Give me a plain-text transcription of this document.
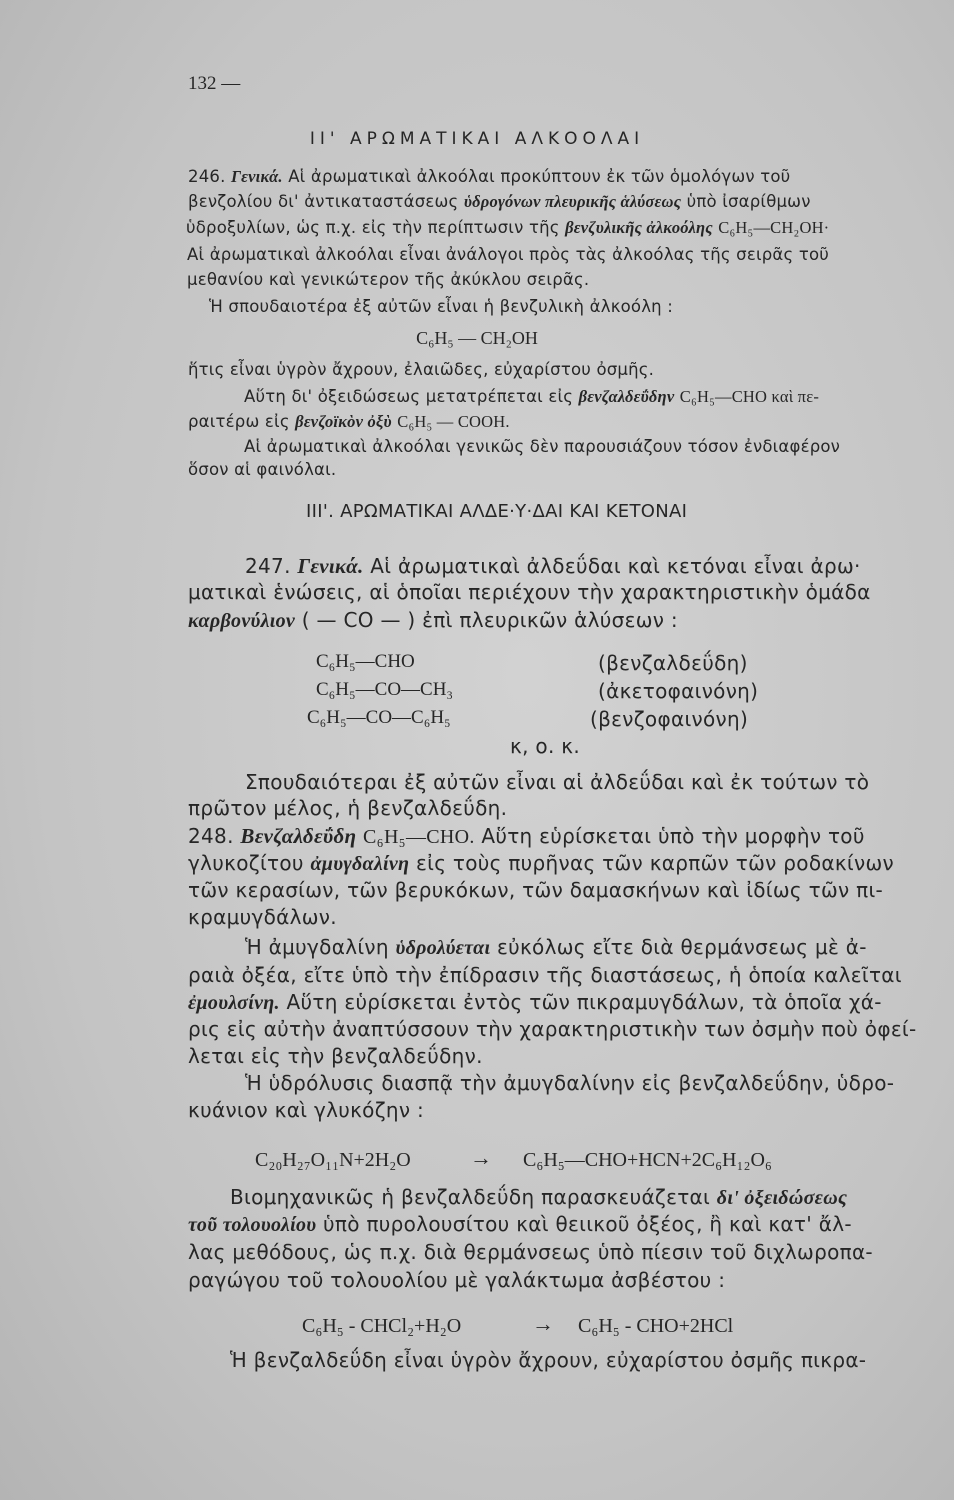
132 —
II' ΑΡΩΜΑΤΙΚΑΙ ΑΛΚΟΟΛΑΙ
246. Γενικά. Αἱ ἀρωματικαὶ ἀλκοόλαι προκύπτουν ἐκ τῶν ὁμολόγων τοῦ
βενζολίου δι' ἀντικαταστάσεως ὑδρογόνων πλευρικῆς ἁλύσεως ὑπὸ ἰσαρίθμων
ὑδροξυλίων, ὡς π.χ. εἰς τὴν περίπτωσιν τῆς βενζυλικῆς ἀλκοόλης C₆H₅—CH₂OH·
Αἱ ἀρωματικαὶ ἀλκοόλαι εἶναι ἀνάλογοι πρὸς τὰς ἀλκοόλας τῆς σειρᾶς τοῦ
μεθανίου καὶ γενικώτερον τῆς ἀκύκλου σειρᾶς.
Ἡ σπουδαιοτέρα ἐξ αὐτῶν εἶναι ἡ βενζυλικὴ ἀλκοόλη :
C₆H₅ — CH₂OH
ἥτις εἶναι ὑγρὸν ἄχρουν, ἐλαιῶδες, εὐχαρίστου ὀσμῆς.
Αὕτη δι' ὀξειδώσεως μετατρέπεται εἰς βενζαλδεΰδην C₆H₅—CHO καὶ πε-
ραιτέρω εἰς βενζοϊκὸν ὀξὺ C₆H₅ — COOH.
Αἱ ἀρωματικαὶ ἀλκοόλαι γενικῶς δὲν παρουσιάζουν τόσον ἐνδιαφέρον
ὅσον αἱ φαινόλαι.
III'. ΑΡΩΜΑΤΙΚΑΙ ΑΛΔΕ·Υ·ΔΑΙ ΚΑΙ ΚΕΤΟΝΑΙ
247. Γενικά. Αἱ ἀρωματικαὶ ἀλδεΰδαι καὶ κετόναι εἶναι ἀρω·
ματικαὶ ἑνώσεις, αἱ ὁποῖαι περιέχουν τὴν χαρακτηριστικὴν ὁμάδα
καρβονύλιον ( — CO — ) ἐπὶ πλευρικῶν ἁλύσεων :
C₆H₅—CHO	(βενζαλδεΰδη)
C₆H₅—CO—CH₃	(ἀκετοφαινόνη)
C₆H₅—CO—C₆H₅	(βενζοφαινόνη)
κ, ο. κ.
Σπουδαιότεραι ἐξ αὐτῶν εἶναι αἱ ἀλδεΰδαι καὶ ἐκ τούτων τὸ
πρῶτον μέλος, ἡ βενζαλδεΰδη.
248. Βενζαλδεΰδη C₆H₅—CHO. Αὕτη εὑρίσκεται ὑπὸ τὴν μορφὴν τοῦ
γλυκοζίτου ἀμυγδαλίνη εἰς τοὺς πυρῆνας τῶν καρπῶν τῶν ροδακίνων
τῶν κερασίων, τῶν βερυκόκων, τῶν δαμασκήνων καὶ ἰδίως τῶν πι-
κραμυγδάλων.
Ἡ ἀμυγδαλίνη ὑδρολύεται εὐκόλως εἴτε διὰ θερμάνσεως μὲ ἀ-
ραιὰ ὀξέα, εἴτε ὑπὸ τὴν ἐπίδρασιν τῆς διαστάσεως, ἡ ὁποία καλεῖται
ἐμουλσίνη. Αὕτη εὑρίσκεται ἐντὸς τῶν πικραμυγδάλων, τὰ ὁποῖα χά-
ρις εἰς αὐτὴν ἀναπτύσσουν τὴν χαρακτηριστικὴν των ὀσμὴν ποὺ ὀφεί-
λεται εἰς τὴν βενζαλδεΰδην.
Ἡ ὑδρόλυσις διασπᾷ τὴν ἀμυγδαλίνην εἰς βενζαλδεΰδην, ὑδρο-
κυάνιον καὶ γλυκόζην :
C₂₀H₂₇O₁₁N+2H₂O	→ C₆H₅—CHO+HCN+2C₆H₁₂O₆
Βιομηχανικῶς ἡ βενζαλδεΰδη παρασκευάζεται δι' ὀξειδώσεως
τοῦ τολουολίου ὑπὸ πυρολουσίτου καὶ θειικοῦ ὀξέος, ἢ καὶ κατ' ἄλ-
λας μεθόδους, ὡς π.χ. διὰ θερμάνσεως ὑπὸ πίεσιν τοῦ διχλωροπα-
ραγώγου τοῦ τολουολίου μὲ γαλάκτωμα ἀσβέστου :
C₆H₅ - CHCl₂+H₂O	→ C₆H₅ - CHO+2HCl
Ἡ βενζαλδεΰδη εἶναι ὑγρὸν ἄχρουν, εὐχαρίστου ὀσμῆς πικρα-
